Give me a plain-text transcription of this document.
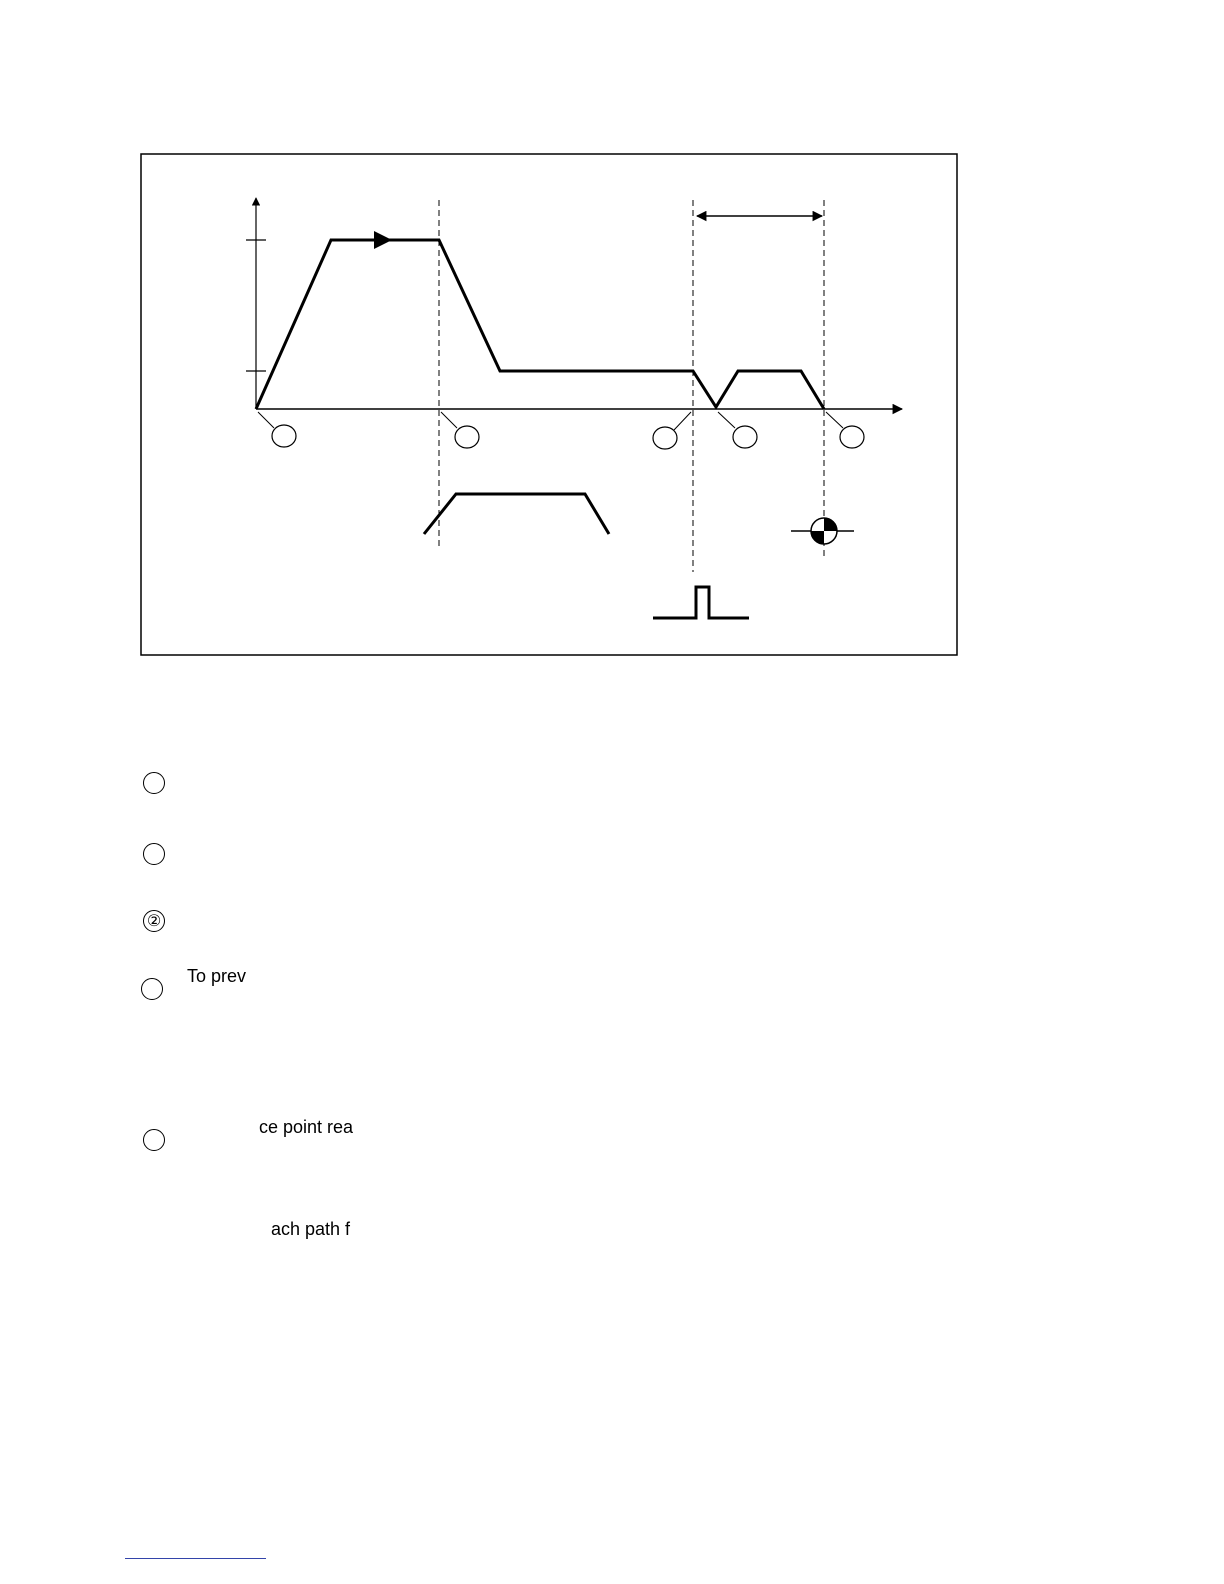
②
To prev
ce point rea
ach path f
